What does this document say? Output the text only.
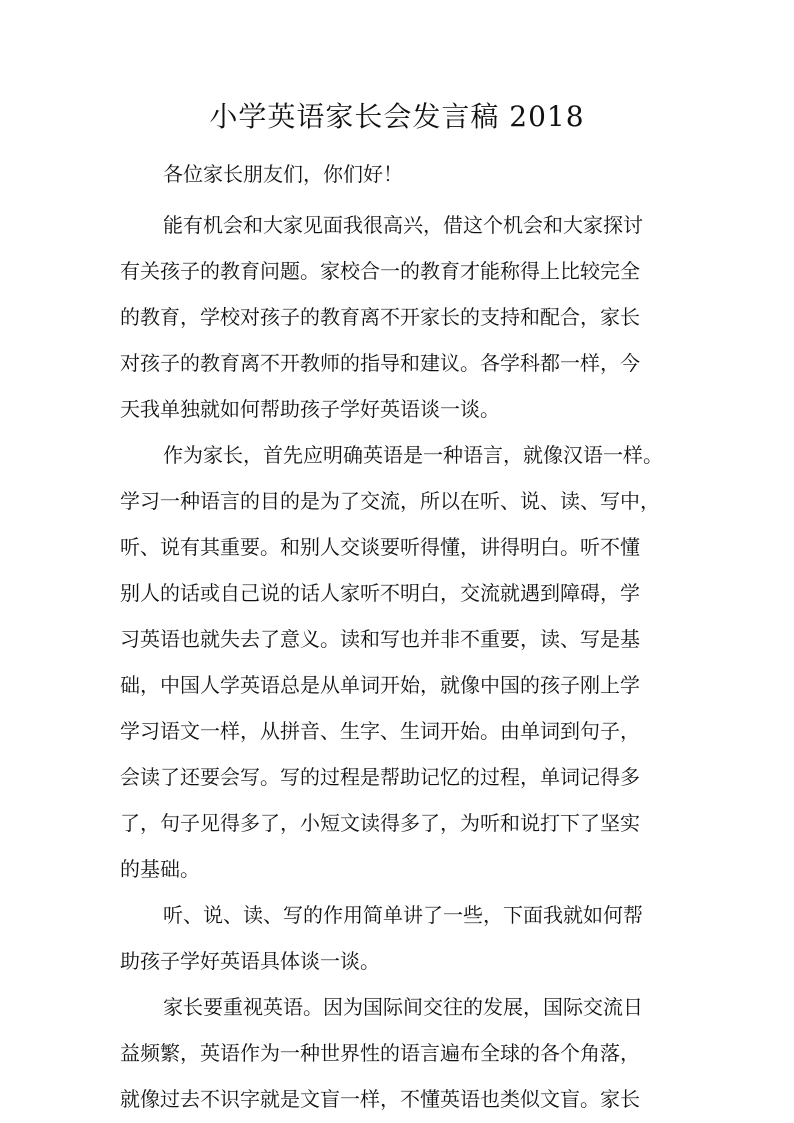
小学英语家长会发言稿 2018

各位家长朋友们，你们好！

能有机会和大家见面我很高兴，借这个机会和大家探讨
有关孩子的教育问题。家校合一的教育才能称得上比较完全
的教育，学校对孩子的教育离不开家长的支持和配合，家长
对孩子的教育离不开教师的指导和建议。各学科都一样，今
天我单独就如何帮助孩子学好英语谈一谈。
作为家长，首先应明确英语是一种语言，就像汉语一样。
学习一种语言的目的是为了交流，所以在听、说、读、写中，
听、说有其重要。和别人交谈要听得懂，讲得明白。听不懂
别人的话或自己说的话人家听不明白，交流就遇到障碍，学
习英语也就失去了意义。读和写也并非不重要，读、写是基
础，中国人学英语总是从单词开始，就像中国的孩子刚上学
学习语文一样，从拼音、生字、生词开始。由单词到句子，
会读了还要会写。写的过程是帮助记忆的过程，单词记得多
了，句子见得多了，小短文读得多了，为听和说打下了坚实
的基础。
听、说、读、写的作用简单讲了一些，下面我就如何帮
助孩子学好英语具体谈一谈。
家长要重视英语。因为国际间交往的发展，国际交流日
益频繁，英语作为一种世界性的语言遍布全球的各个角落，
就像过去不识字就是文盲一样，不懂英语也类似文盲。家长
